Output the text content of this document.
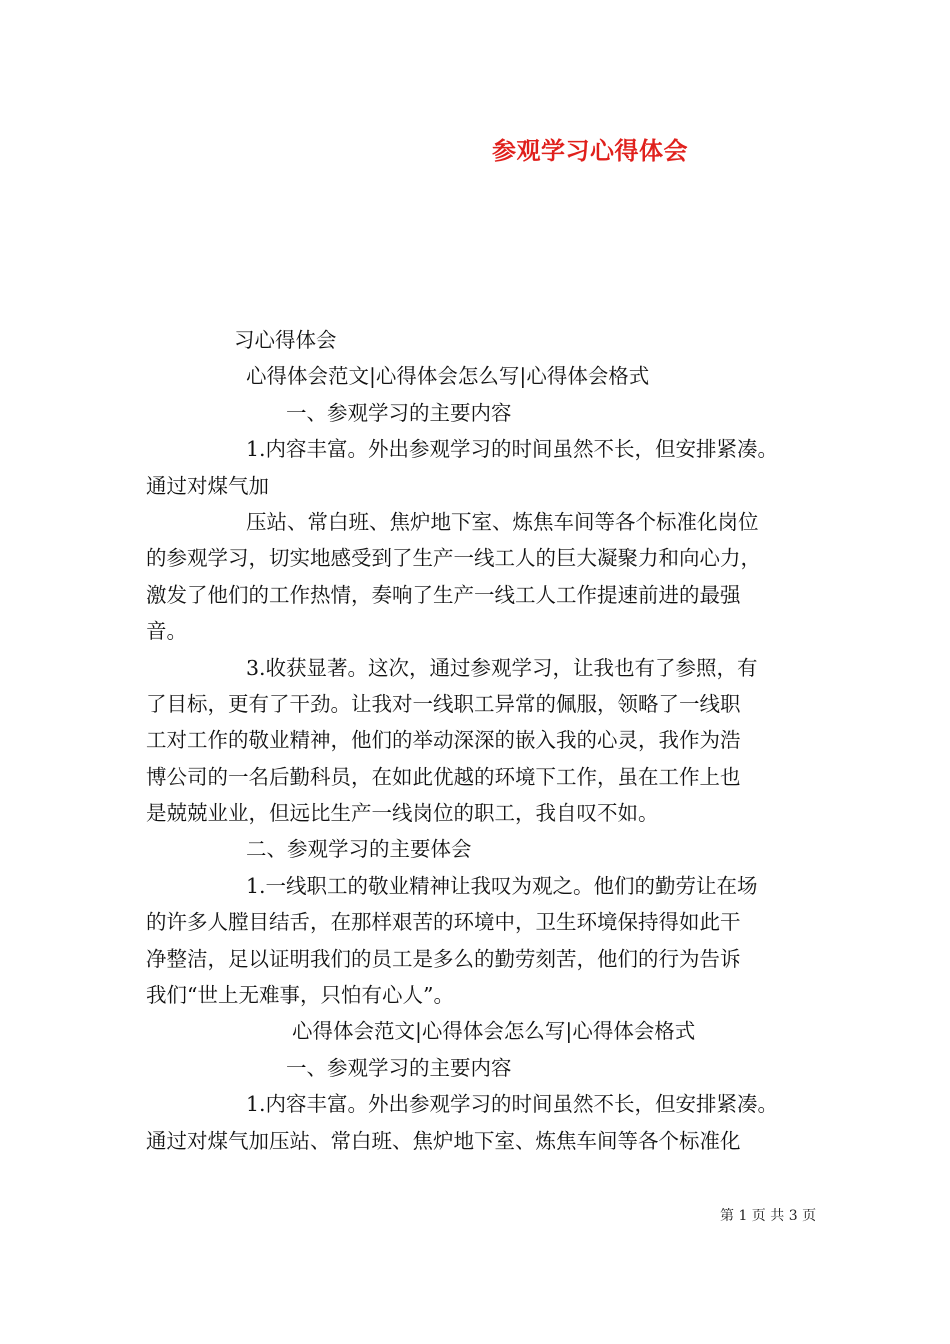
参观学习心得体会
习心得体会
心得体会范文|心得体会怎么写|心得体会格式
一、参观学习的主要内容
1.内容丰富。外出参观学习的时间虽然不长，但安排紧凑。
通过对煤气加
压站、常白班、焦炉地下室、炼焦车间等各个标准化岗位
的参观学习，切实地感受到了生产一线工人的巨大凝聚力和向心力，
激发了他们的工作热情，奏响了生产一线工人工作提速前进的最强
音。
3.收获显著。这次，通过参观学习，让我也有了参照，有
了目标，更有了干劲。让我对一线职工异常的佩服，领略了一线职
工对工作的敬业精神，他们的举动深深的嵌入我的心灵，我作为浩
博公司的一名后勤科员，在如此优越的环境下工作，虽在工作上也
是兢兢业业，但远比生产一线岗位的职工，我自叹不如。
二、参观学习的主要体会
1.一线职工的敬业精神让我叹为观之。他们的勤劳让在场
的许多人膛目结舌，在那样艰苦的环境中，卫生环境保持得如此干
净整洁，足以证明我们的员工是多么的勤劳刻苦，他们的行为告诉
我们“世上无难事，只怕有心人”。
心得体会范文|心得体会怎么写|心得体会格式
一、参观学习的主要内容
1.内容丰富。外出参观学习的时间虽然不长，但安排紧凑。
通过对煤气加压站、常白班、焦炉地下室、炼焦车间等各个标准化
第 1 页 共 3 页
